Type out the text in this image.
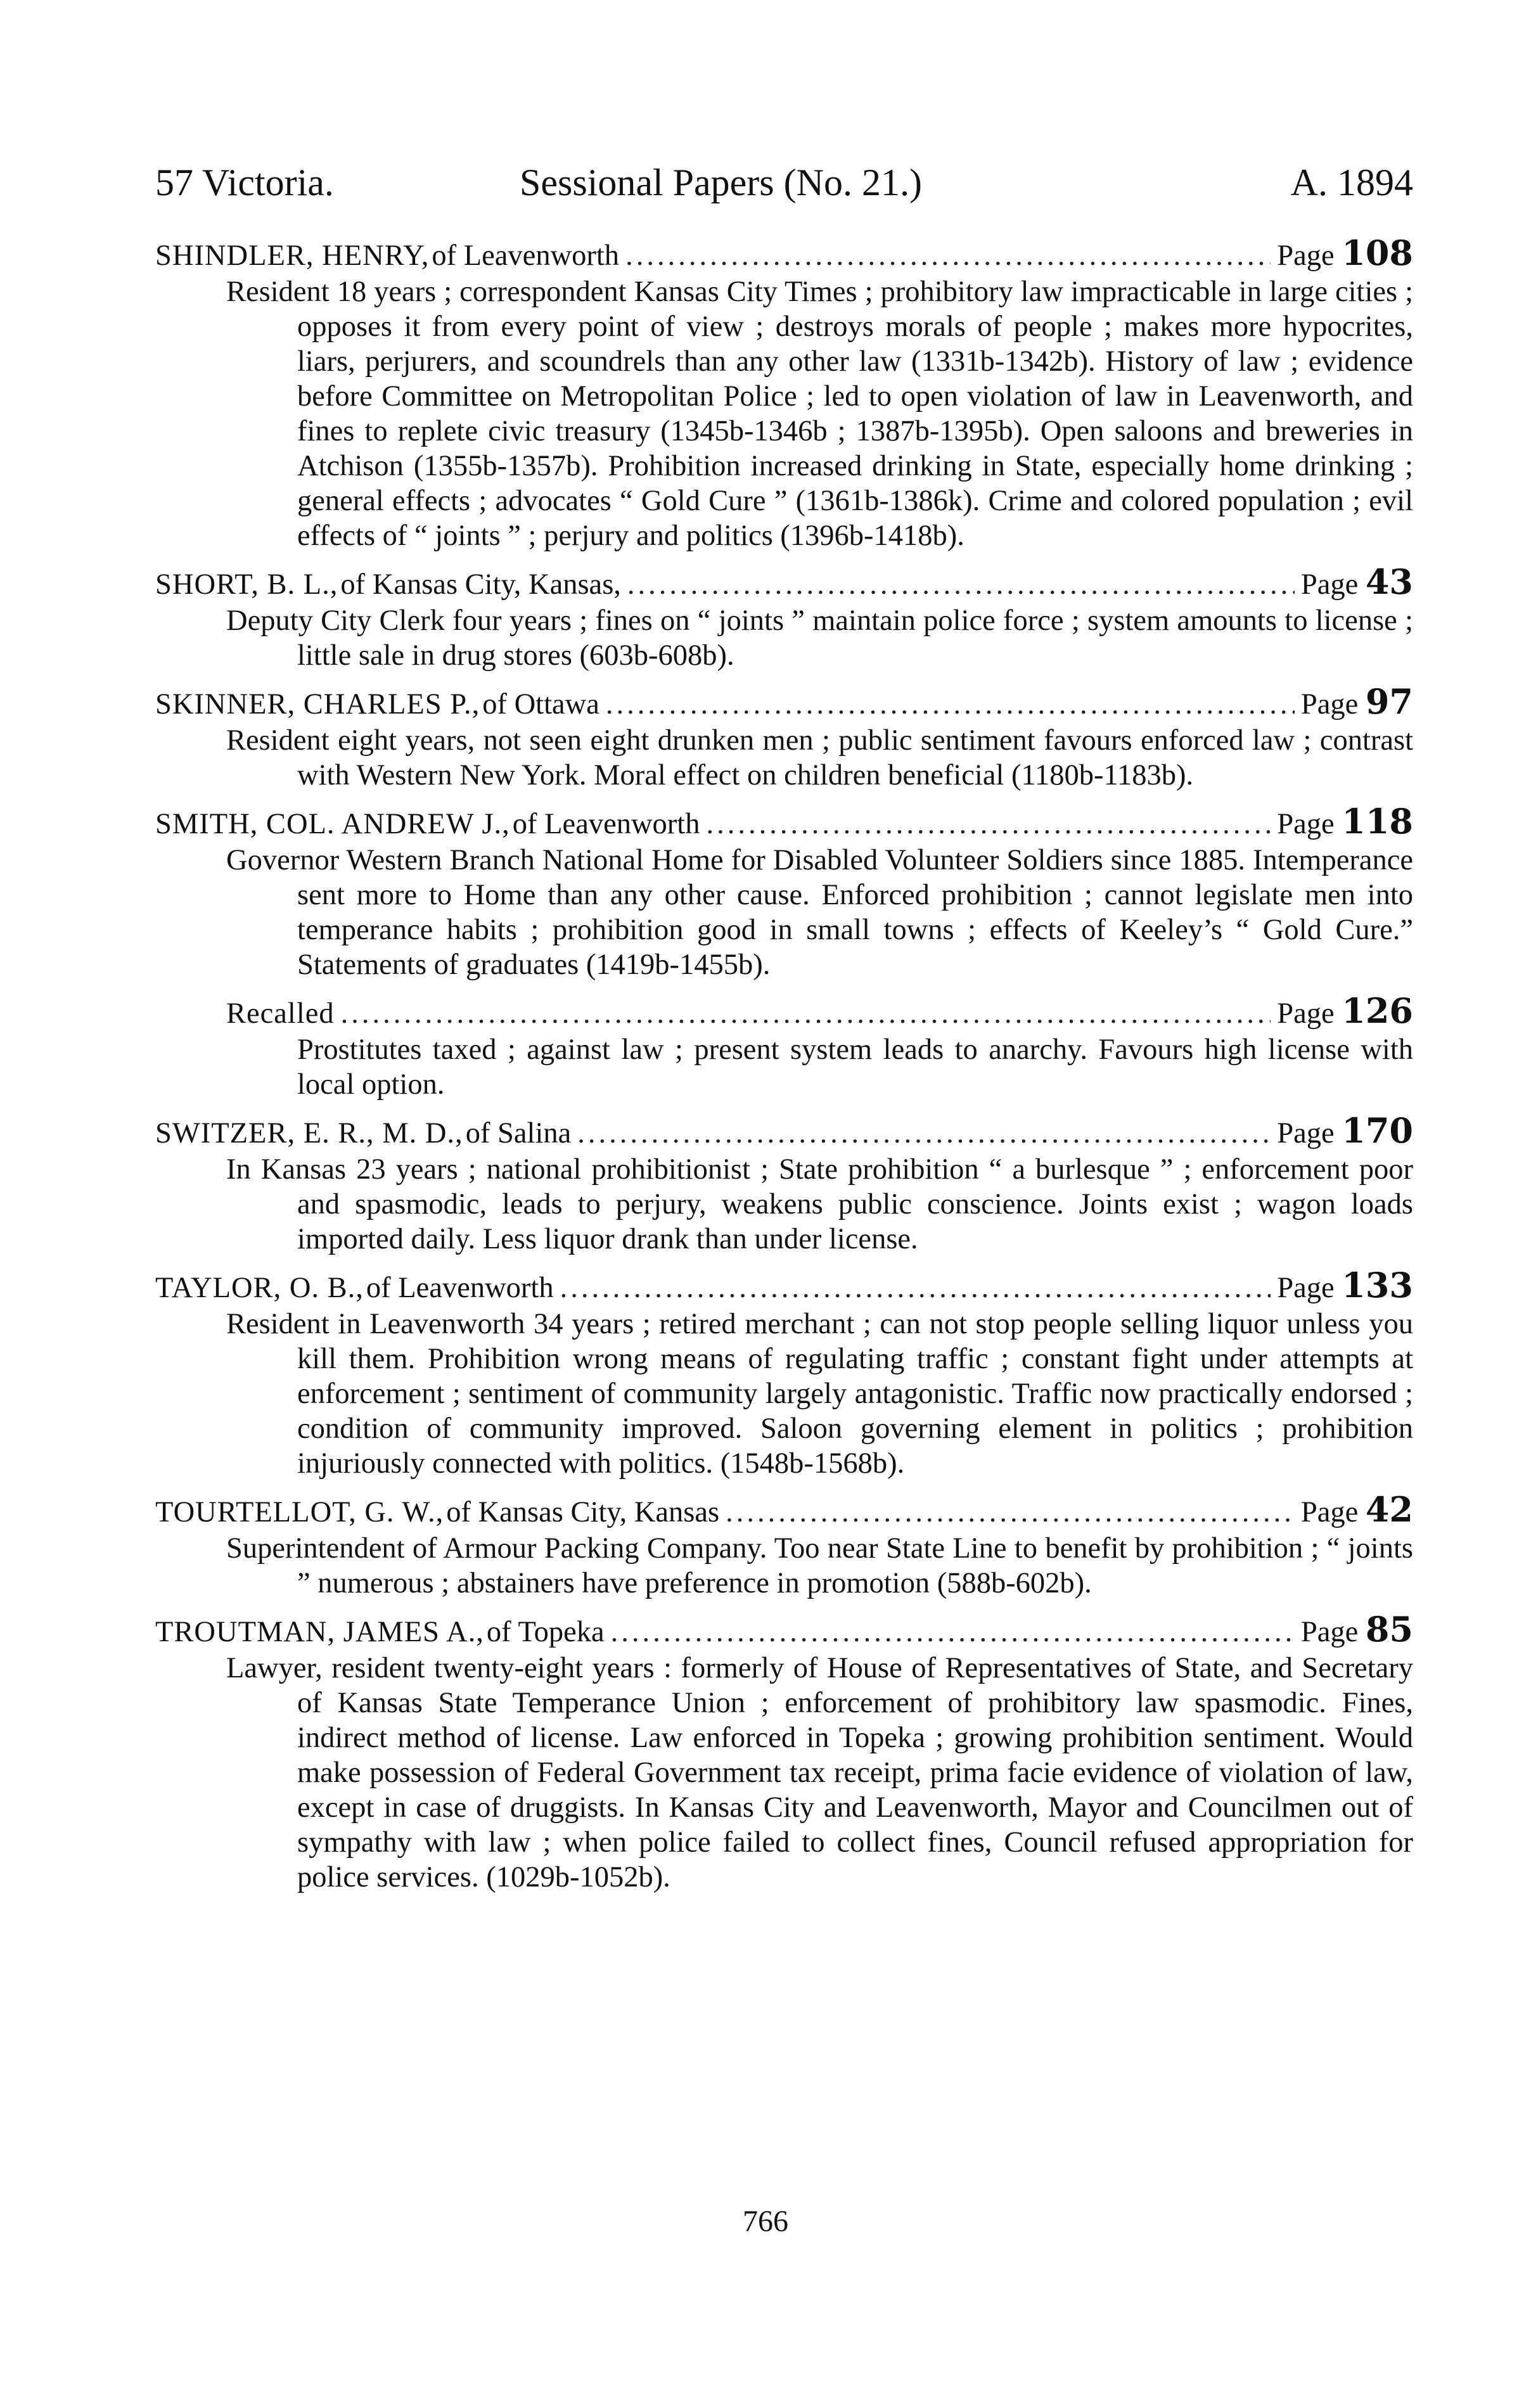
57 Victoria.	Sessional Papers (No. 21.)	A. 1894
SHINDLER, HENRY, of Leavenworth .....	Page 108

Resident 18 years ; correspondent Kansas City Times ; prohibitory law impracticable in large cities ; opposes it from every point of view ; destroys morals of people ; makes more hypocrites, liars, perjurers, and scoundrels than any other law (1331b-1342b). History of law ; evidence before Committee on Metropolitan Police ; led to open violation of law in Leavenworth, and fines to replete civic treasury (1345b-1346b ; 1387b-1395b). Open saloons and breweries in Atchison (1355b-1357b). Prohibition increased drinking in State, especially home drinking ; general effects ; advocates “ Gold Cure ” (1361b-1386k). Crime and colored population ; evil effects of “ joints ” ; perjury and politics (1396b-1418b).

SHORT, B. L., of Kansas City, Kansas, .....	Page 43

Deputy City Clerk four years ; fines on “ joints ” maintain police force ; system amounts to license ; little sale in drug stores (603b-608b).

SKINNER, CHARLES P., of Ottawa .....	Page 97

Resident eight years, not seen eight drunken men ; public sentiment favours enforced law ; contrast with Western New York. Moral effect on children beneficial (1180b-1183b).

SMITH, COL. ANDREW J., of Leavenworth .....	Page 118

Governor Western Branch National Home for Disabled Volunteer Soldiers since 1885. Intemperance sent more to Home than any other cause. Enforced prohibition ; cannot legislate men into temperance habits ; prohibition good in small towns ; effects of Keeley’s “ Gold Cure.” Statements of graduates (1419b-1455b).

Recalled .....	Page 126

Prostitutes taxed ; against law ; present system leads to anarchy. Favours high license with local option.

SWITZER, E. R., M. D., of Salina .....	Page 170

In Kansas 23 years ; national prohibitionist ; State prohibition “ a burlesque ” ; enforcement poor and spasmodic, leads to perjury, weakens public conscience. Joints exist ; wagon loads imported daily. Less liquor drank than under license.

TAYLOR, O. B., of Leavenworth .....	Page 133

Resident in Leavenworth 34 years ; retired merchant ; can not stop people selling liquor unless you kill them. Prohibition wrong means of regulating traffic ; constant fight under attempts at enforcement ; sentiment of community largely antagonistic. Traffic now practically endorsed ; condition of community improved. Saloon governing element in politics ; prohibition injuriously connected with politics. (1548b-1568b).

TOURTELLOT, G. W., of Kansas City, Kansas .....	Page 42

Superintendent of Armour Packing Company. Too near State Line to benefit by prohibition ; “ joints ” numerous ; abstainers have preference in promotion (588b-602b).

TROUTMAN, JAMES A., of Topeka .....	Page 85

Lawyer, resident twenty-eight years : formerly of House of Representatives of State, and Secretary of Kansas State Temperance Union ; enforcement of prohibitory law spasmodic. Fines, indirect method of license. Law enforced in Topeka ; growing prohibition sentiment. Would make possession of Federal Government tax receipt, prima facie evidence of violation of law, except in case of druggists. In Kansas City and Leavenworth, Mayor and Councilmen out of sympathy with law ; when police failed to collect fines, Council refused appropriation for police services. (1029b-1052b).

766
